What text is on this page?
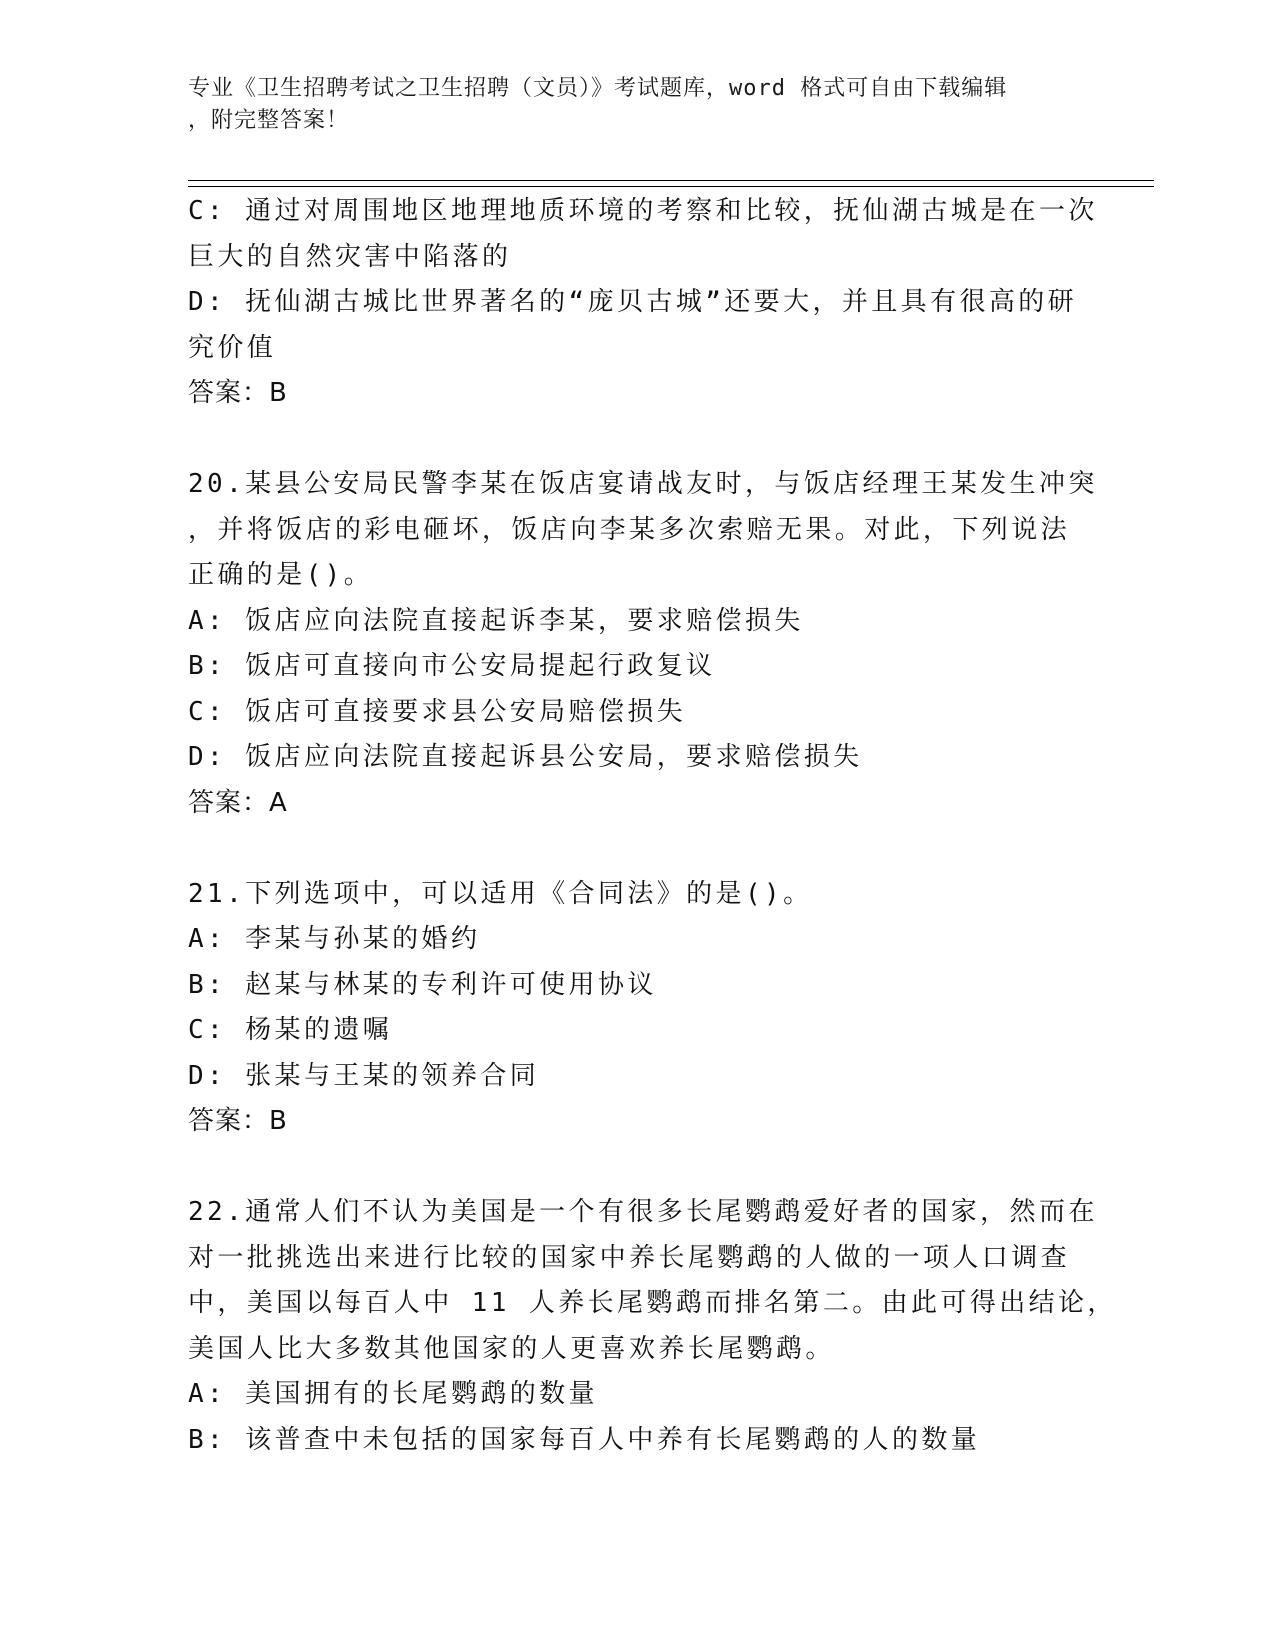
专业《卫生招聘考试之卫生招聘（文员）》考试题库，word 格式可自由下载编辑
，附完整答案！
C: 通过对周围地区地理地质环境的考察和比较，抚仙湖古城是在一次
巨大的自然灾害中陷落的
D: 抚仙湖古城比世界著名的“庞贝古城”还要大，并且具有很高的研
究价值
答案：B
20.某县公安局民警李某在饭店宴请战友时，与饭店经理王某发生冲突
，并将饭店的彩电砸坏，饭店向李某多次索赔无果。对此，下列说法
正确的是()。
A: 饭店应向法院直接起诉李某，要求赔偿损失
B: 饭店可直接向市公安局提起行政复议
C: 饭店可直接要求县公安局赔偿损失
D: 饭店应向法院直接起诉县公安局，要求赔偿损失
答案：A
21.下列选项中，可以适用《合同法》的是()。
A: 李某与孙某的婚约
B: 赵某与林某的专利许可使用协议
C: 杨某的遗嘱
D: 张某与王某的领养合同
答案：B
22.通常人们不认为美国是一个有很多长尾鹦鹉爱好者的国家，然而在
对一批挑选出来进行比较的国家中养长尾鹦鹉的人做的一项人口调查
中，美国以每百人中 11 人养长尾鹦鹉而排名第二。由此可得出结论，
美国人比大多数其他国家的人更喜欢养长尾鹦鹉。
A: 美国拥有的长尾鹦鹉的数量
B: 该普查中未包括的国家每百人中养有长尾鹦鹉的人的数量
